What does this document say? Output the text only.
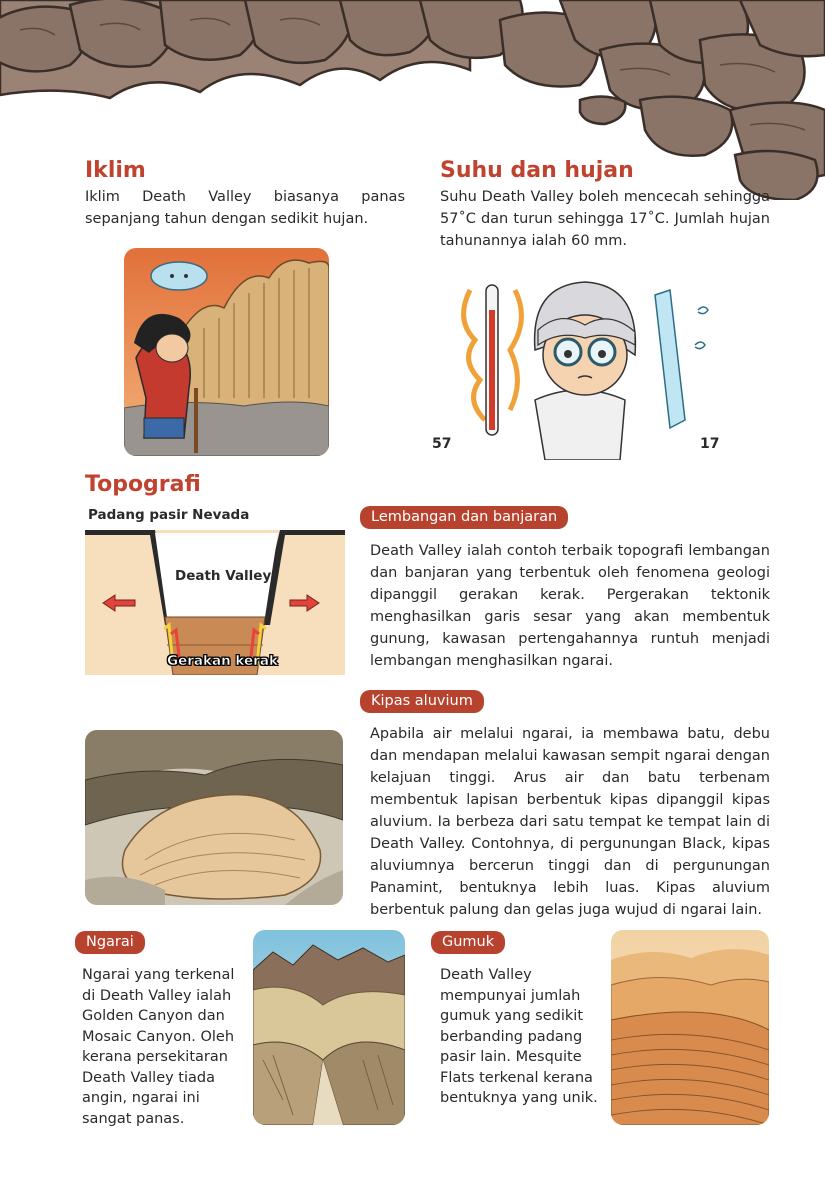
Iklim
Iklim Death Valley biasanya panas sepanjang tahun dengan sedikit hujan.
Suhu dan hujan
Suhu Death Valley boleh mencecah sehingga 57˚C dan turun sehingga 17˚C. Jumlah hujan tahunannya ialah 60 mm.
57	17
Topografi
Padang pasir Nevada
Death Valley
Gerakan kerak
Lembangan dan banjaran
Death Valley ialah contoh terbaik topografi lembangan dan banjaran yang terbentuk oleh fenomena geologi dipanggil gerakan kerak. Pergerakan tektonik menghasilkan garis sesar yang akan membentuk gunung, kawasan pertengahannya runtuh menjadi lembangan menghasilkan ngarai.
Kipas aluvium
Apabila air melalui ngarai, ia membawa batu, debu dan mendapan melalui kawasan sempit ngarai dengan kelajuan tinggi. Arus air dan batu terbenam membentuk lapisan berbentuk kipas dipanggil kipas aluvium. Ia berbeza dari satu tempat ke tempat lain di Death Valley. Contohnya, di pergunungan Black, kipas aluviumnya bercerun tinggi dan di pergunungan Panamint, bentuknya lebih luas. Kipas aluvium berbentuk palung dan gelas juga wujud di ngarai lain.
Ngarai
Ngarai yang terkenal di Death Valley ialah Golden Canyon dan Mosaic Canyon. Oleh kerana persekitaran Death Valley tiada angin, ngarai ini sangat panas.
Gumuk
Death Valley mempunyai jumlah gumuk yang sedikit berbanding padang pasir lain. Mesquite Flats terkenal kerana bentuknya yang unik.
